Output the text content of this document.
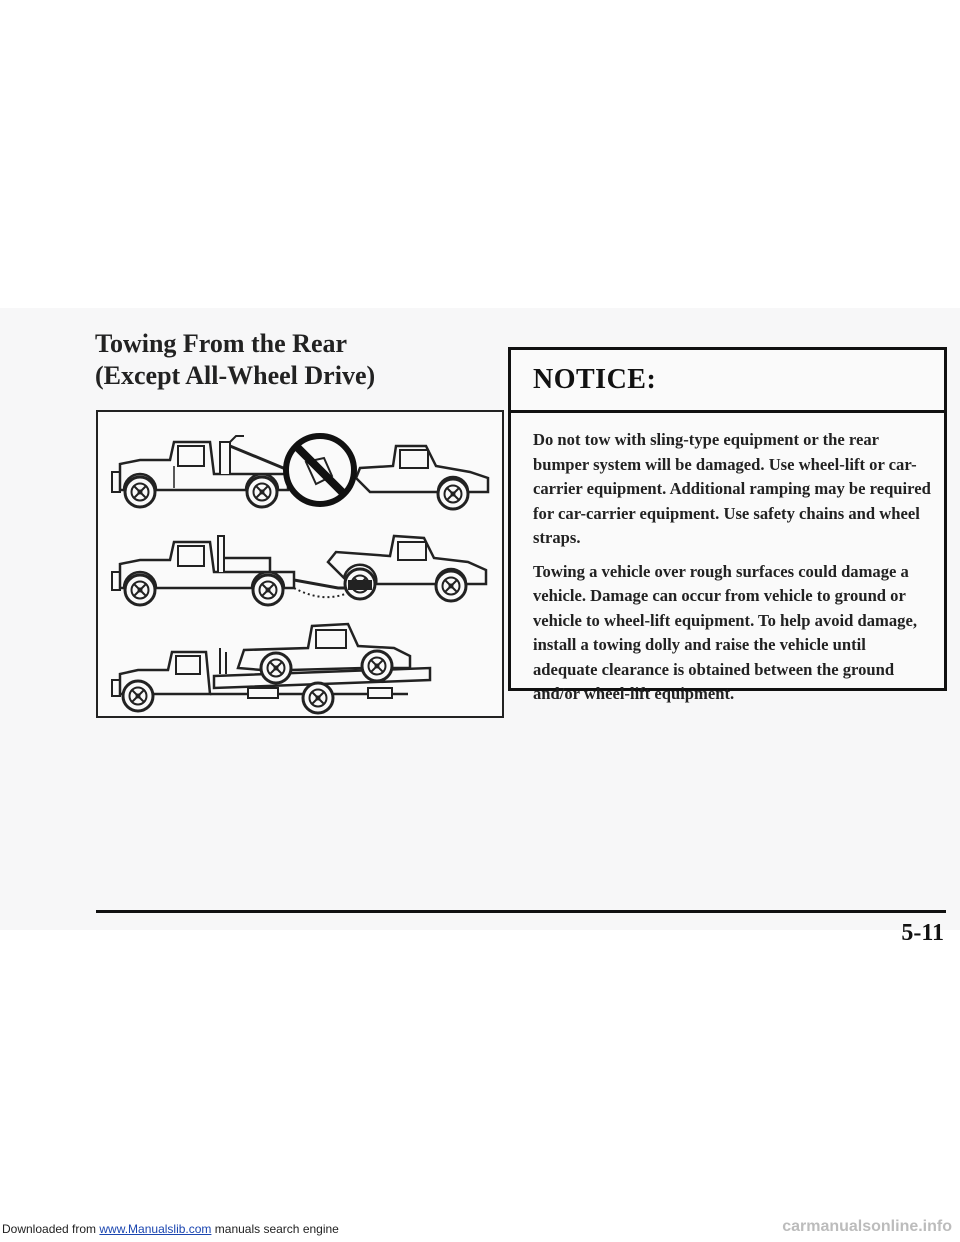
Downloaded from www.Manualslib.com manuals search engine
Towing From the Rear
(Except All-Wheel Drive)	NOTICE:

Do not tow with sling-type equipment or the rear bumper system will be damaged. Use wheel-lift or car-carrier equipment. Additional ramping may be required for car-carrier equipment. Use safety chains and wheel straps.

Towing a vehicle over rough surfaces could damage a vehicle. Damage can occur from vehicle to ground or vehicle to wheel-lift equipment. To help avoid damage, install a towing dolly and raise the vehicle until adequate clearance is obtained between the ground and/or wheel-lift equipment.

5-11
carmanualsonline.info
